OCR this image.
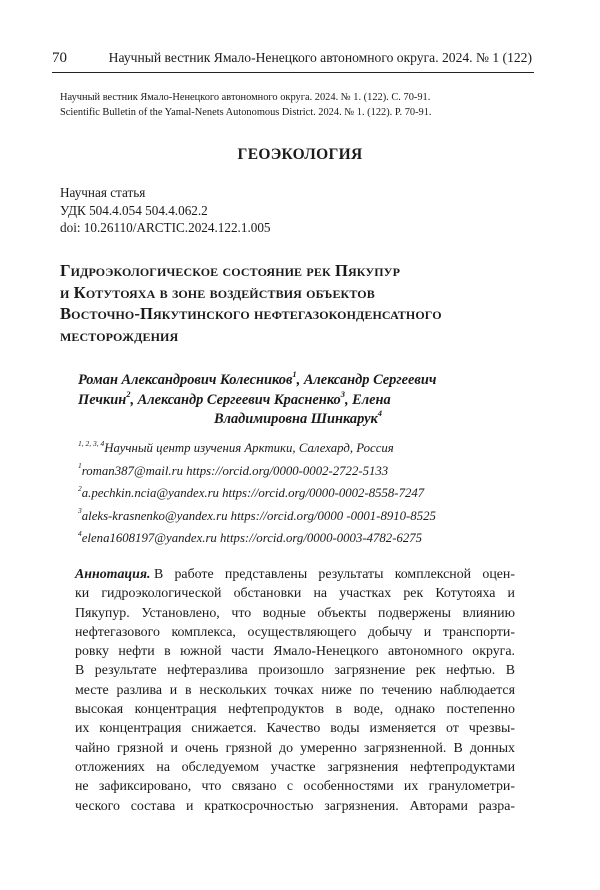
70	Научный вестник Ямало-Ненецкого автономного округа. 2024. № 1 (122)
Научный вестник Ямало-Ненецкого автономного округа. 2024. № 1. (122). С. 70-91.
Scientific Bulletin of the Yamal-Nenets Autonomous District. 2024. № 1. (122). P. 70-91.
ГЕОЭКОЛОГИЯ
Научная статья
УДК 504.4.054 504.4.062.2
doi: 10.26110/ARCTIC.2024.122.1.005
Гидроэкологическое состояние рек Пякупур
и Котутояха в зоне воздействия объектов
Восточно-Пякутинского нефтегазоконденсатного
месторождения
Роман Александрович Колесников$^1$, Александр Сергеевич
Печкин$^2$, Александр Сергеевич Красненко$^3$, Елена
Владимировна Шинкарук$^4$
$^{1, 2, 3, 4}$Научный центр изучения Арктики, Салехард, Россия
$^1$roman387@mail.ru https://orcid.org/0000-0002-2722-5133
$^2$a.pechkin.ncia@yandex.ru https://orcid.org/0000-0002-8558-7247
$^3$aleks-krasnenko@yandex.ru https://orcid.org/0000 -0001-8910-8525
$^4$elena1608197@yandex.ru https://orcid.org/0000-0003-4782-6275
Аннотация.
В работе представлены результаты комплексной оцен-
ки гидроэкологической обстановки на участках рек Котутояха и
Пякупур. Установлено, что водные объекты подвержены влиянию
нефтегазового комплекса, осуществляющего добычу и транспорти-
ровку нефти в южной части Ямало-Ненецкого автономного округа.
В результате нефтеразлива произошло загрязнение рек нефтью. В
месте разлива и в нескольких точках ниже по течению наблюдается
высокая концентрация нефтепродуктов в воде, однако постепенно
их концентрация снижается. Качество воды изменяется от чрезвы-
чайно грязной и очень грязной до умеренно загрязненной. В донных
отложениях на обследуемом участке загрязнения нефтепродуктами
не зафиксировано, что связано с особенностями их гранулометри-
ческого состава и краткосрочностью загрязнения. Авторами разра-
